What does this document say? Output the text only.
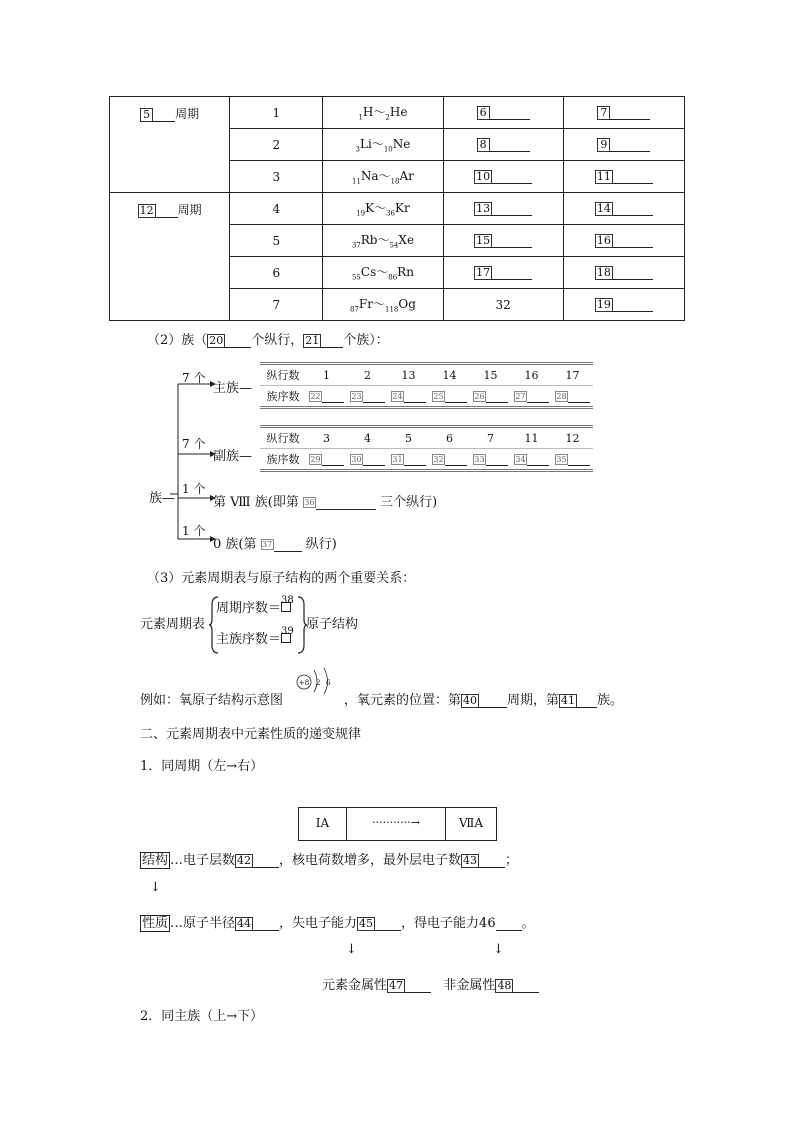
5 周期	1	$_1H\sim_2He$	6	7
	2	$_3Li\sim_{10}Ne$	8	9
	3	$_{11}Na\sim_{18}Ar$	10	11
12 周期	4	$_{19}K\sim_{36}Kr$	13	14
	5	$_{37}Rb\sim_{54}Xe$	15	16
	6	$_{55}Cs\sim_{86}Rn$	17	18
	7	$_{87}Fr\sim_{118}Og$	32	19
（2）族（ 20 个纵行， 21 个族）：
族—
7 个
主族—
7 个
副族—
1 个
第 Ⅷ 族(即第 36	三个纵行)
1 个
0 族(第 37	纵行)
纵行数	1	2	13	14	15	16	17
族序数	22	23	24	25	26	27	28
纵行数	3	4	5	6	7	11	12
族序数	29	30	31	32	33	34	35
（3）元素周期表与原子结构的两个重要关系：
元素周期表
周期序数＝
38
主族序数＝
39 原子结构
例如：氧原子结构示意图
+8 2 6
，氧元素的位置：第 40 周期，第 41 族。
二、元素周期表中元素性质的递变规律
1．同周期（左→右）
ⅠA	···········→	ⅦA
结构 …电子层数 42 ，核电荷数增多，最外层电子数 43 ；
↓
性质 …原子半径 44 ，失电子能力 45 ，得电子能力46 。
↓	↓
元素金属性 47	非金属性 48
2．同主族（上→下）
